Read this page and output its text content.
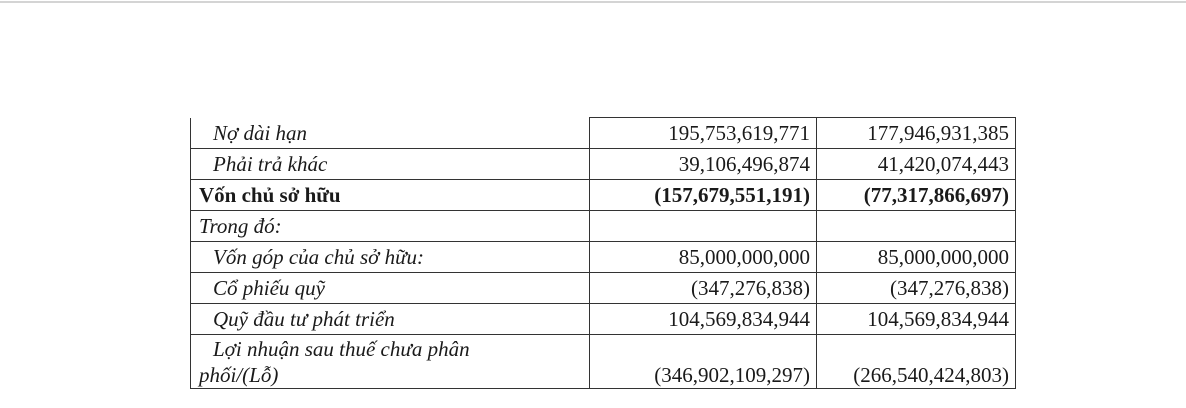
Nợ dài hạn	195,753,619,771	177,946,931,385
Phải trả khác	39,106,496,874	41,420,074,443
Vốn chủ sở hữu	(157,679,551,191)	(77,317,866,697)
Trong đó:		
Vốn góp của chủ sở hữu:	85,000,000,000	85,000,000,000
Cổ phiếu quỹ	(347,276,838)	(347,276,838)
Quỹ đầu tư phát triển	104,569,834,944	104,569,834,944

Lợi nhuận sau thuế chưa phân
phối/(Lỗ)	(346,902,109,297)	(266,540,424,803)
